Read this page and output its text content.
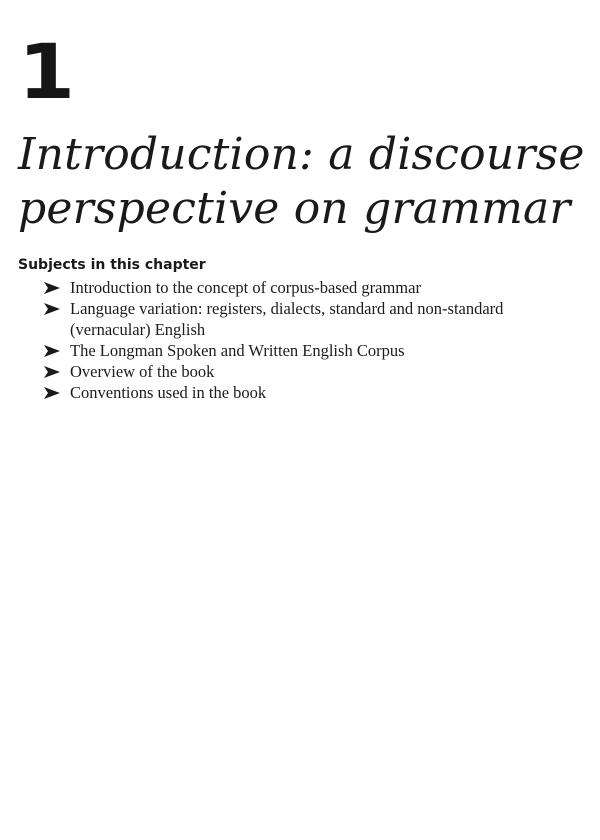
1
Introduction: a discourse
perspective on grammar
Subjects in this chapter
Introduction to the concept of corpus-based grammar
Language variation: registers, dialects, standard and non-standard
(vernacular) English
The Longman Spoken and Written English Corpus
Overview of the book
Conventions used in the book
